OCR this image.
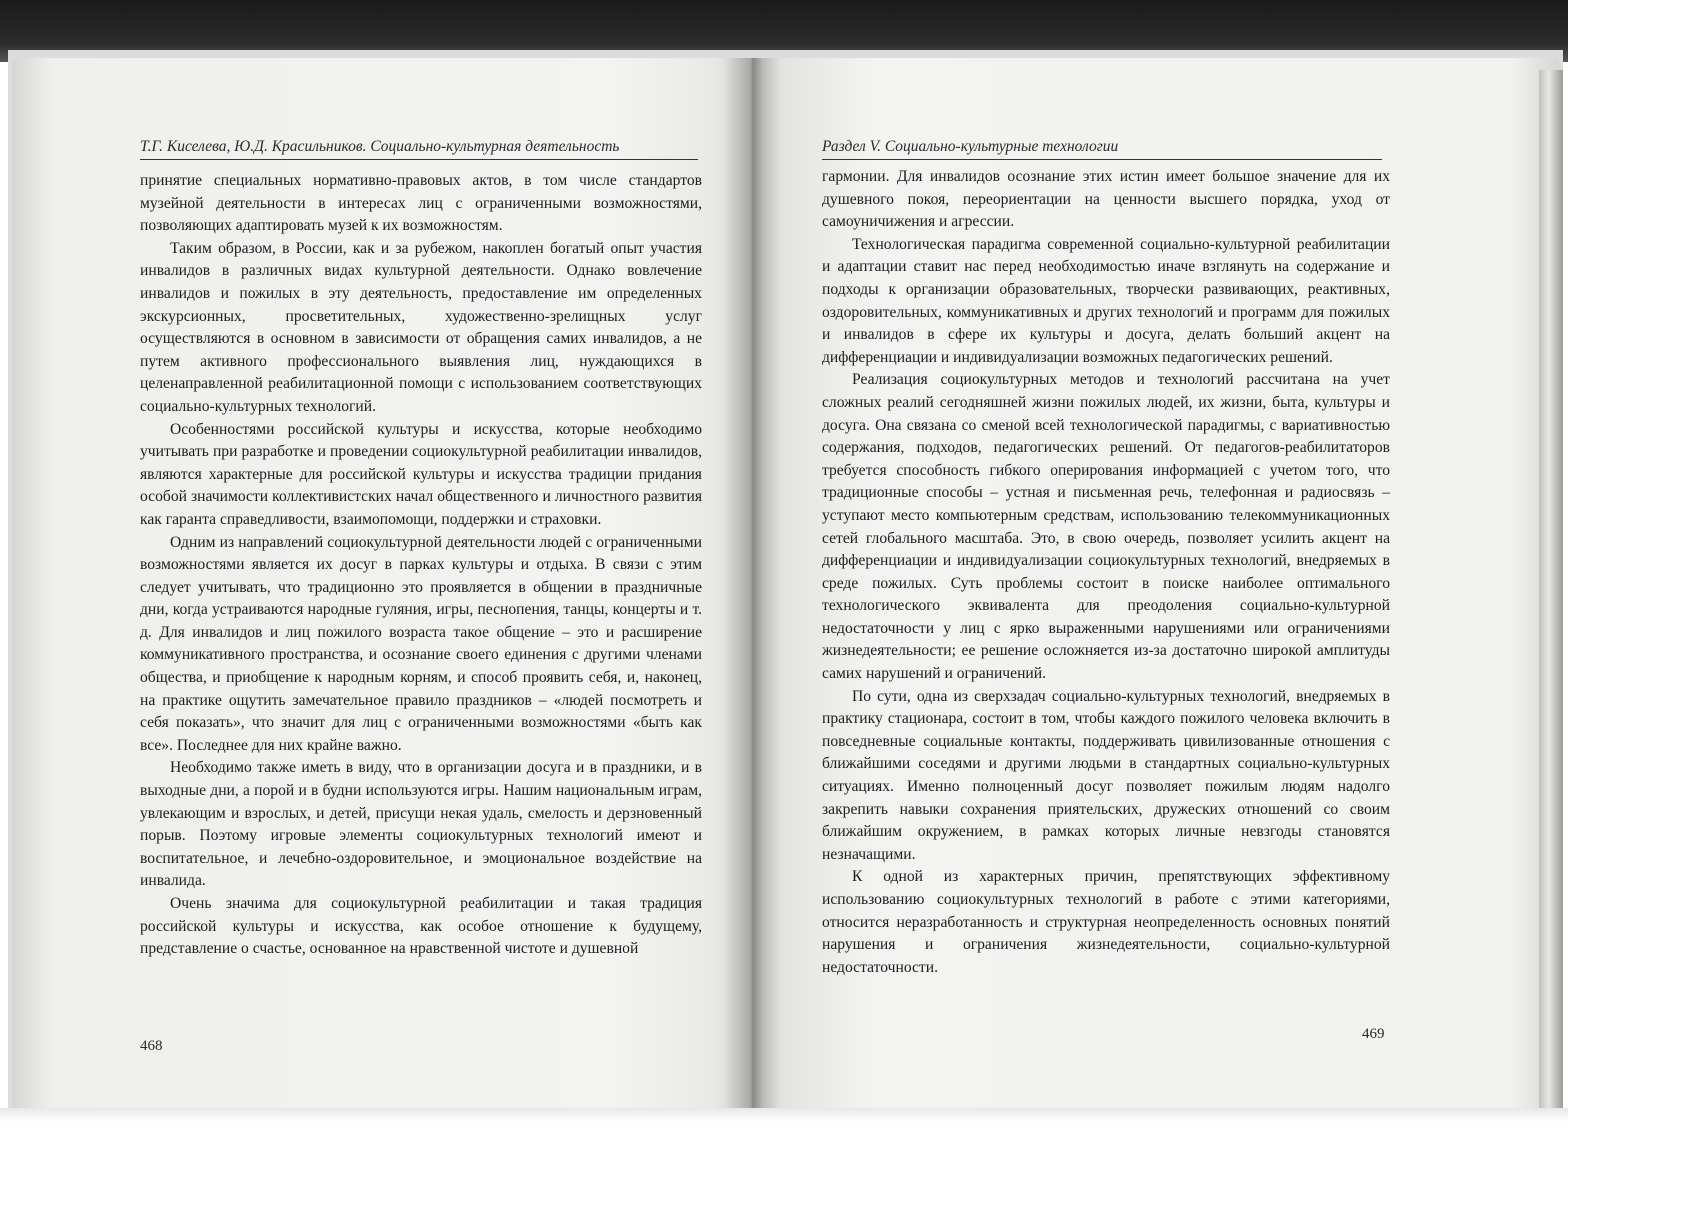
Т.Г. Киселева, Ю.Д. Красильников. Социально-культурная деятельность

принятие специальных нормативно-правовых актов, в том числе стандартов музейной деятельности в интересах лиц с ограниченными возможностями, позволяющих адаптировать музей к их возможностям.

Таким образом, в России, как и за рубежом, накоплен богатый опыт участия инвалидов в различных видах культурной деятельности. Однако вовлечение инвалидов и пожилых в эту деятельность, предоставление им определенных экскурсионных, просветительных, художественно-зрелищных услуг осуществляются в основном в зависимости от обращения самих инвалидов, а не путем активного профессионального выявления лиц, нуждающихся в целенаправленной реабилитационной помощи с использованием соответствующих социально-культурных технологий.

Особенностями российской культуры и искусства, которые необходимо учитывать при разработке и проведении социокультурной реабилитации инвалидов, являются характерные для российской культуры и искусства традиции придания особой значимости коллективистских начал общественного и личностного развития как гаранта справедливости, взаимопомощи, поддержки и страховки.

Одним из направлений социокультурной деятельности людей с ограниченными возможностями является их досуг в парках культуры и отдыха. В связи с этим следует учитывать, что традиционно это проявляется в общении в праздничные дни, когда устраиваются народные гуляния, игры, песнопения, танцы, концерты и т. д. Для инвалидов и лиц пожилого возраста такое общение – это и расширение коммуникативного пространства, и осознание своего единения с другими членами общества, и приобщение к народным корням, и способ проявить себя, и, наконец, на практике ощутить замечательное правило праздников – «людей посмотреть и себя показать», что значит для лиц с ограниченными возможностями «быть как все». Последнее для них крайне важно.

Необходимо также иметь в виду, что в организации досуга и в праздники, и в выходные дни, а порой и в будни используются игры. Нашим национальным играм, увлекающим и взрослых, и детей, присущи некая удаль, смелость и дерзновенный порыв. Поэтому игровые элементы социокультурных технологий имеют и воспитательное, и лечебно-оздоровительное, и эмоциональное воздействие на инвалида.

Очень значима для социокультурной реабилитации и такая традиция российской культуры и искусства, как особое отношение к будущему, представление о счастье, основанное на нравственной чистоте и душевной

468
Раздел V. Социально-культурные технологии

гармонии. Для инвалидов осознание этих истин имеет большое значение для их душевного покоя, переориентации на ценности высшего порядка, уход от самоуничижения и агрессии.

Технологическая парадигма современной социально-культурной реабилитации и адаптации ставит нас перед необходимостью иначе взглянуть на содержание и подходы к организации образовательных, творчески развивающих, реактивных, оздоровительных, коммуникативных и других технологий и программ для пожилых и инвалидов в сфере их культуры и досуга, делать больший акцент на дифференциации и индивидуализации возможных педагогических решений.

Реализация социокультурных методов и технологий рассчитана на учет сложных реалий сегодняшней жизни пожилых людей, их жизни, быта, культуры и досуга. Она связана со сменой всей технологической парадигмы, с вариативностью содержания, подходов, педагогических решений. От педагогов-реабилитаторов требуется способность гибкого оперирования информацией с учетом того, что традиционные способы – устная и письменная речь, телефонная и радиосвязь – уступают место компьютерным средствам, использованию телекоммуникационных сетей глобального масштаба. Это, в свою очередь, позволяет усилить акцент на дифференциации и индивидуализации социокультурных технологий, внедряемых в среде пожилых. Суть проблемы состоит в поиске наиболее оптимального технологического эквивалента для преодоления социально-культурной недостаточности у лиц с ярко выраженными нарушениями или ограничениями жизнедеятельности; ее решение осложняется из-за достаточно широкой амплитуды самих нарушений и ограничений.

По сути, одна из сверхзадач социально-культурных технологий, внедряемых в практику стационара, состоит в том, чтобы каждого пожилого человека включить в повседневные социальные контакты, поддерживать цивилизованные отношения с ближайшими соседями и другими людьми в стандартных социально-культурных ситуациях. Именно полноценный досуг позволяет пожилым людям надолго закрепить навыки сохранения приятельских, дружеских отношений со своим ближайшим окружением, в рамках которых личные невзгоды становятся незначащими.

К одной из характерных причин, препятствующих эффективному использованию социокультурных технологий в работе с этими категориями, относится неразработанность и структурная неопределенность основных понятий нарушения и ограничения жизнедеятельности, социально-культурной недостаточности.

469
